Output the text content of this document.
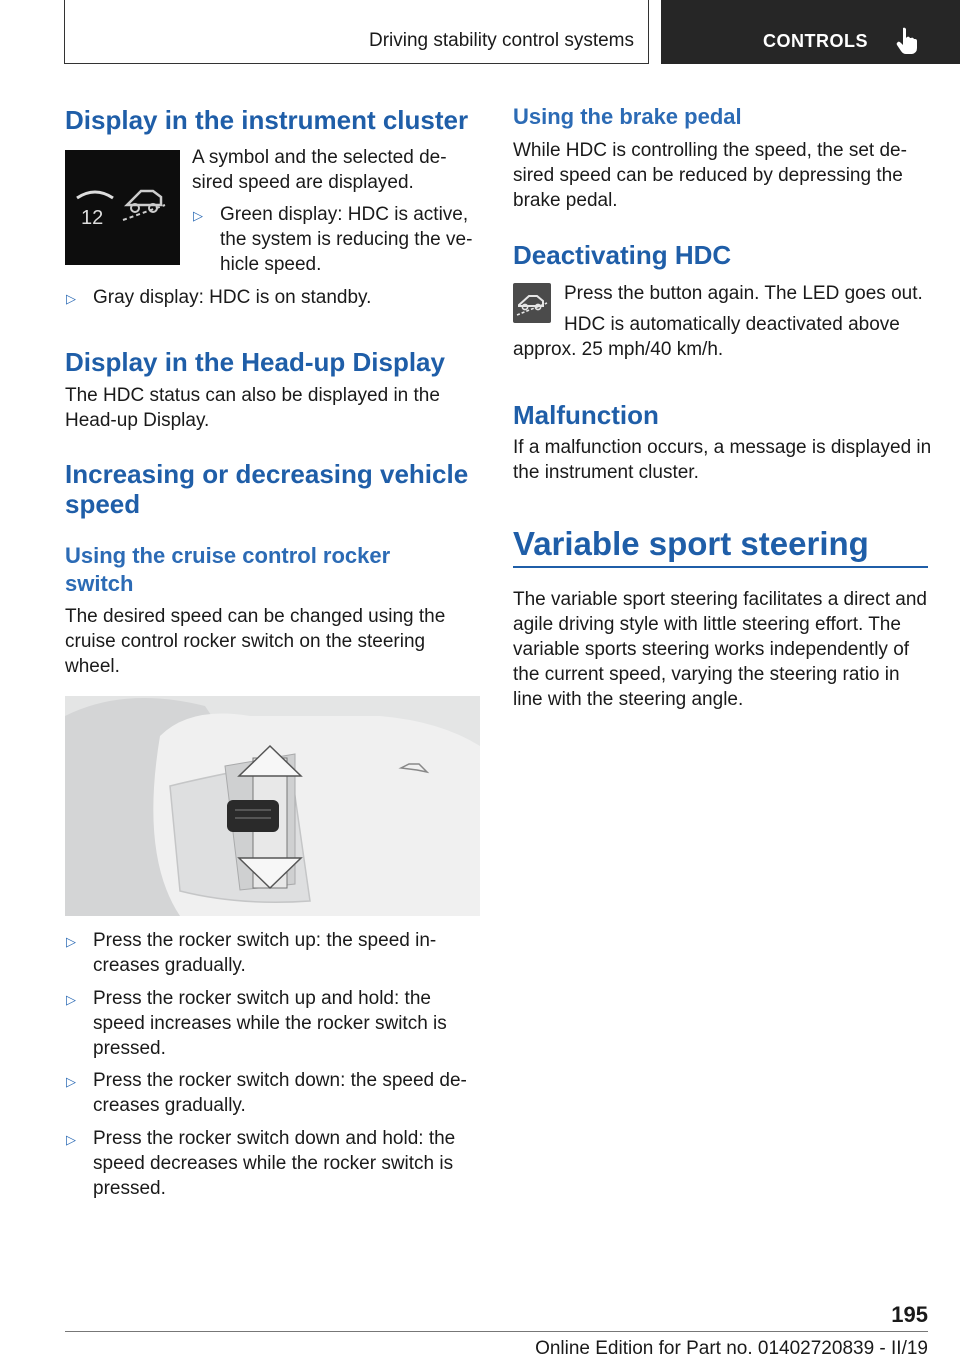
Driving stability control systems	CONTROLS
Display in the instrument cluster
12

A symbol and the selected de-

sired speed are displayed.

▷ Green display: HDC is active,

the system is reducing the ve-

hicle speed.

▷ Gray display: HDC is on standby.

Display in the Head-up Display

The HDC status can also be displayed in the

Head-up Display.

Increasing or decreasing vehicle
speed
Using the cruise control rocker
switch

The desired speed can be changed using the

cruise control rocker switch on the steering

wheel.

▷ Press the rocker switch up: the speed in-

creases gradually.

▷ Press the rocker switch up and hold: the

speed increases while the rocker switch is

pressed.

▷ Press the rocker switch down: the speed de-

creases gradually.

▷ Press the rocker switch down and hold: the

speed decreases while the rocker switch is

pressed.

Using the brake pedal

While HDC is controlling the speed, the set de-

sired speed can be reduced by depressing the

brake pedal.

Deactivating HDC

Press the button again. The LED goes out.

HDC is automatically deactivated above

approx. 25 mph/40 km/h.

Malfunction

If a malfunction occurs, a message is displayed in

the instrument cluster.

Variable sport steering

The variable sport steering facilitates a direct and

agile driving style with little steering effort. The

variable sports steering works independently of

the current speed, varying the steering ratio in

line with the steering angle.

195
Online Edition for Part no. 01402720839 - II/19
